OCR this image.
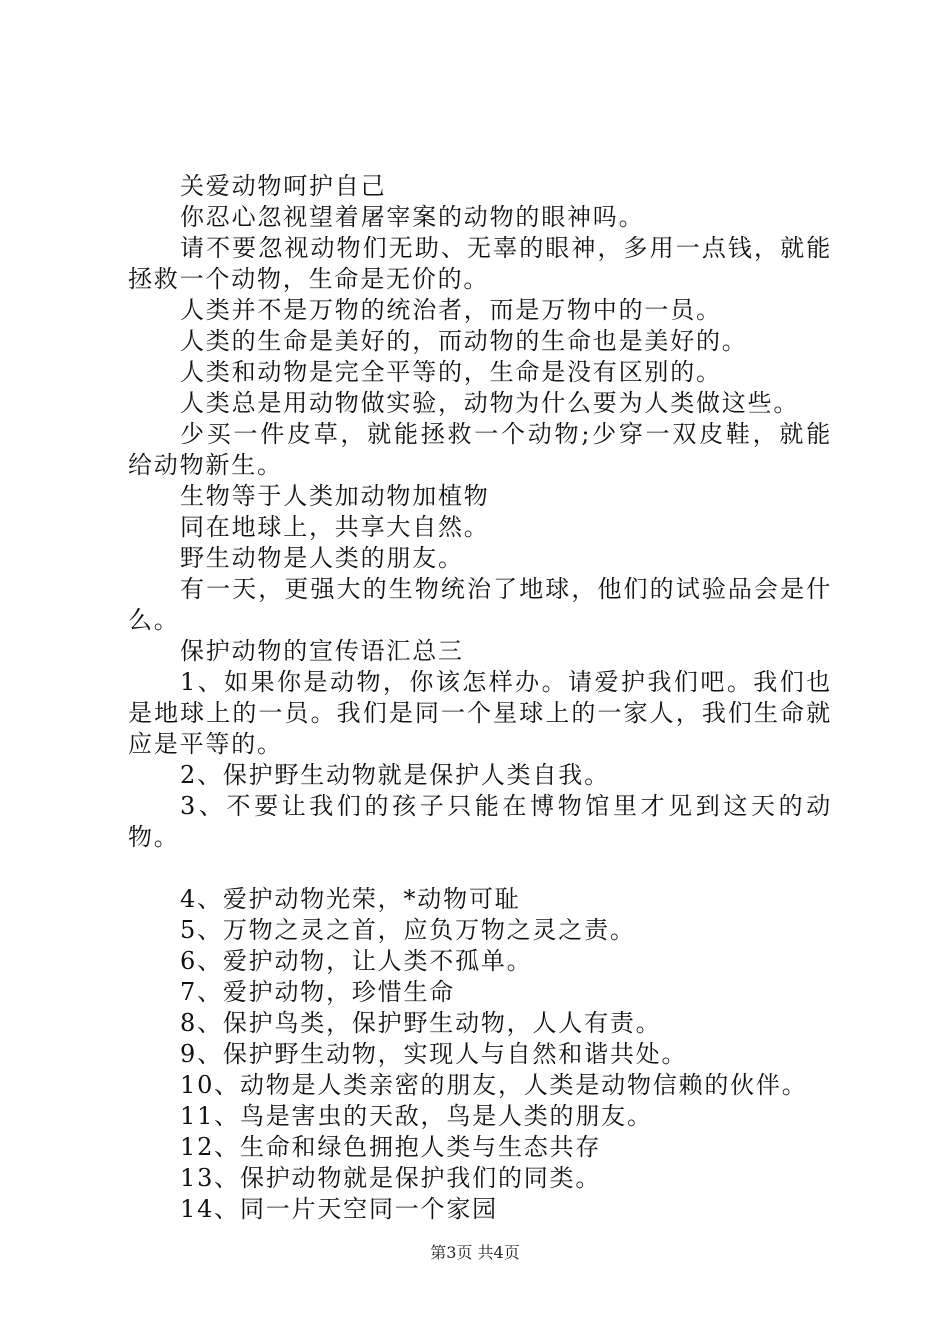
关爱动物呵护自己

你忍心忽视望着屠宰案的动物的眼神吗。

请不要忽视动物们无助、无辜的眼神，多用一点钱，就能拯救一个动物，生命是无价的。

人类并不是万物的统治者，而是万物中的一员。

人类的生命是美好的，而动物的生命也是美好的。

人类和动物是完全平等的，生命是没有区别的。

人类总是用动物做实验，动物为什么要为人类做这些。

少买一件皮草，就能拯救一个动物;少穿一双皮鞋，就能给动物新生。

生物等于人类加动物加植物

同在地球上，共享大自然。

野生动物是人类的朋友。

有一天，更强大的生物统治了地球，他们的试验品会是什么。

保护动物的宣传语汇总三

1、如果你是动物，你该怎样办。请爱护我们吧。我们也是地球上的一员。我们是同一个星球上的一家人，我们生命就应是平等的。

2、保护野生动物就是保护人类自我。

3、不要让我们的孩子只能在博物馆里才见到这天的动物。

4、爱护动物光荣，*动物可耻

5、万物之灵之首，应负万物之灵之责。

6、爱护动物，让人类不孤单。

7、爱护动物，珍惜生命

8、保护鸟类，保护野生动物，人人有责。

9、保护野生动物，实现人与自然和谐共处。

10、动物是人类亲密的朋友，人类是动物信赖的伙伴。

11、鸟是害虫的天敌，鸟是人类的朋友。

12、生命和绿色拥抱人类与生态共存

13、保护动物就是保护我们的同类。

14、同一片天空同一个家园

第3页 共4页
